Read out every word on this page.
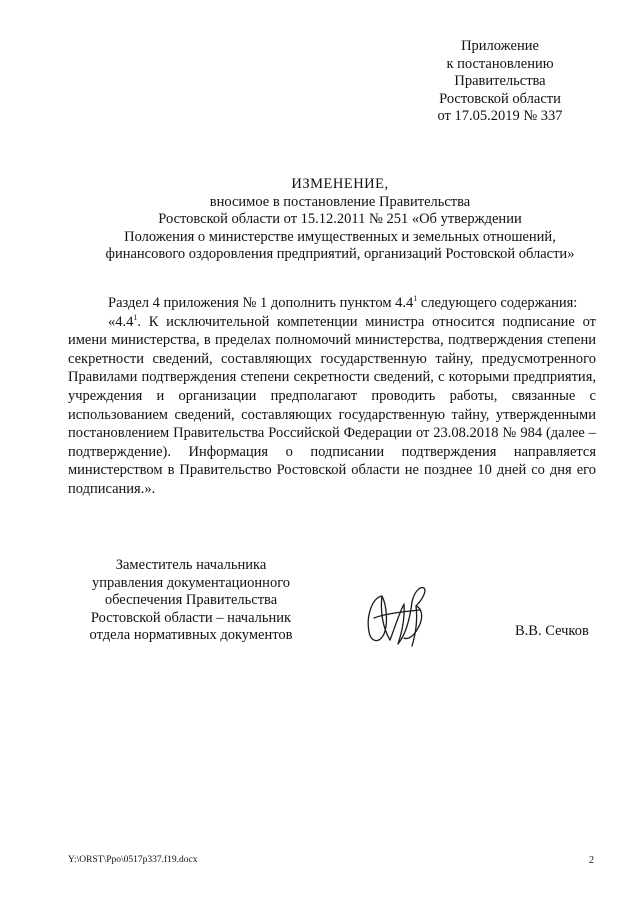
Приложение
к постановлению
Правительства
Ростовской области
от 17.05.2019 № 337
ИЗМЕНЕНИЕ,
вносимое в постановление Правительства
Ростовской области от 15.12.2011 № 251 «Об утверждении
Положения о министерстве имущественных и земельных отношений,
финансового оздоровления предприятий, организаций Ростовской области»

Раздел 4 приложения № 1 дополнить пунктом $4.4^1$ следующего содержания:

«$4.4^1$. К исключительной компетенции министра относится подписание от имени министерства, в пределах полномочий министерства, подтверждения степени секретности сведений, составляющих государственную тайну, предусмотренного Правилами подтверждения степени секретности сведений, с которыми предприятия, учреждения и организации предполагают проводить работы, связанные с использованием сведений, составляющих государственную тайну, утвержденными постановлением Правительства Российской Федерации от 23.08.2018 № 984 (далее – подтверждение). Информация о подписании подтверждения направляется министерством в Правительство Ростовской области не позднее 10 дней со дня его подписания.».

Заместитель начальника
управления документационного
обеспечения Правительства
Ростовской области – начальник
отдела нормативных документов	В.В. Сечков
Y:\ORST\Ppo\0517p337.f19.docx	2
